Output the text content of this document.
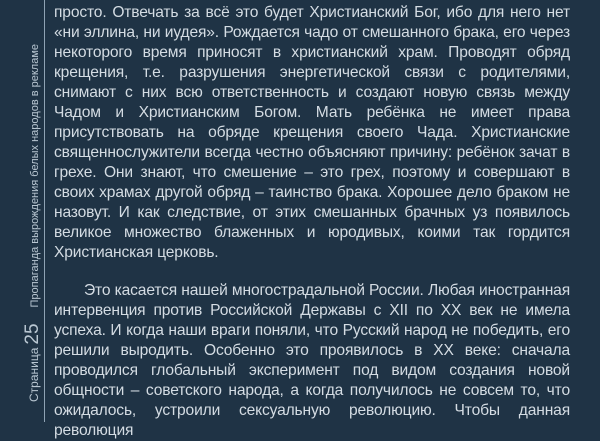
Страница
25
Пропаганда вырождения белых народов в рекламе

просто. Отвечать за всё это будет Христианский Бог, ибо для него нет «ни эллина, ни иудея». Рождается чадо от смешанного брака, его через некоторого время приносят в христианский храм. Проводят обряд крещения, т.е. разрушения энергетической связи с родителями, снимают с них всю ответственность и создают новую связь между Чадом и Христианским Богом. Мать ребёнка не имеет права присутствовать на обряде крещения своего Чада. Христианские священнослужители всегда честно объясняют причину: ребёнок зачат в грехе. Они знают, что смешение – это грех, поэтому и совершают в своих храмах другой обряд – таинство брака. Хорошее дело браком не назовут. И как следствие, от этих смешанных брачных уз появилось великое множество блаженных и юродивых, коими так гордится Христианская церковь.

Это касается нашей многострадальной России. Любая иностранная интервенция против Российской Державы с XII по XX век не имела успеха. И когда наши враги поняли, что Русский народ не победить, его решили выродить. Особенно это проявилось в XX веке: сначала проводился глобальный эксперимент под видом создания новой общности – советского народа, а когда получилось не совсем то, что ожидалось, устроили сексуальную революцию. Чтобы данная революция
